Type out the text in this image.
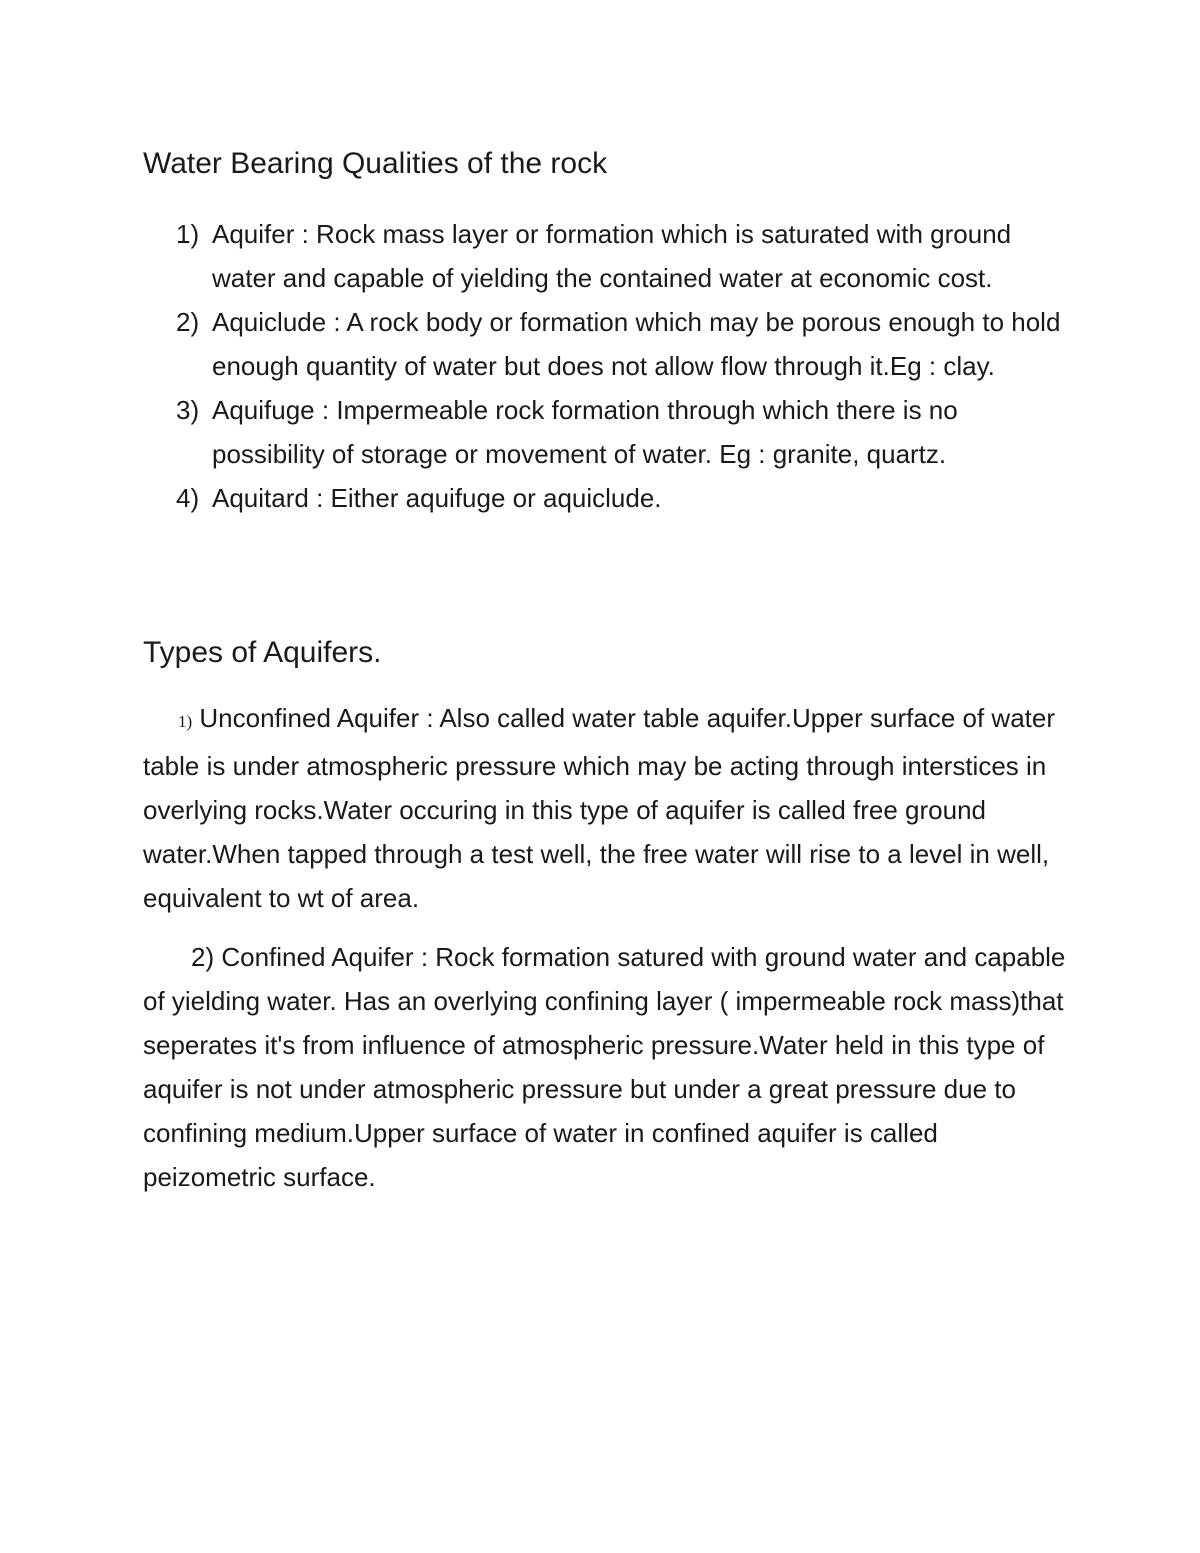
Water Bearing Qualities of the rock
1) Aquifer : Rock mass layer or formation which is saturated with ground water and capable of yielding the contained water at economic cost.
2) Aquiclude : A rock body or formation which may be porous enough to hold enough quantity of water but does not allow flow through it.Eg : clay.
3) Aquifuge : Impermeable rock formation through which there is no possibility of storage or movement of water. Eg : granite, quartz.
4) Aquitard : Either aquifuge or aquiclude.
Types of Aquifers.

1) Unconfined Aquifer : Also called water table aquifer.Upper surface of water table is under atmospheric pressure which may be acting through interstices in overlying rocks.Water occuring in this type of aquifer is called free ground water.When tapped through a test well, the free water will rise to a level in well, equivalent to wt of area.

2) Confined Aquifer : Rock formation satured with ground water and capable of yielding water. Has an overlying confining layer ( impermeable rock mass)that seperates it's from influence of atmospheric pressure.Water held in this type of aquifer is not under atmospheric pressure but under a great pressure due to confining medium.Upper surface of water in confined aquifer is called peizometric surface.
